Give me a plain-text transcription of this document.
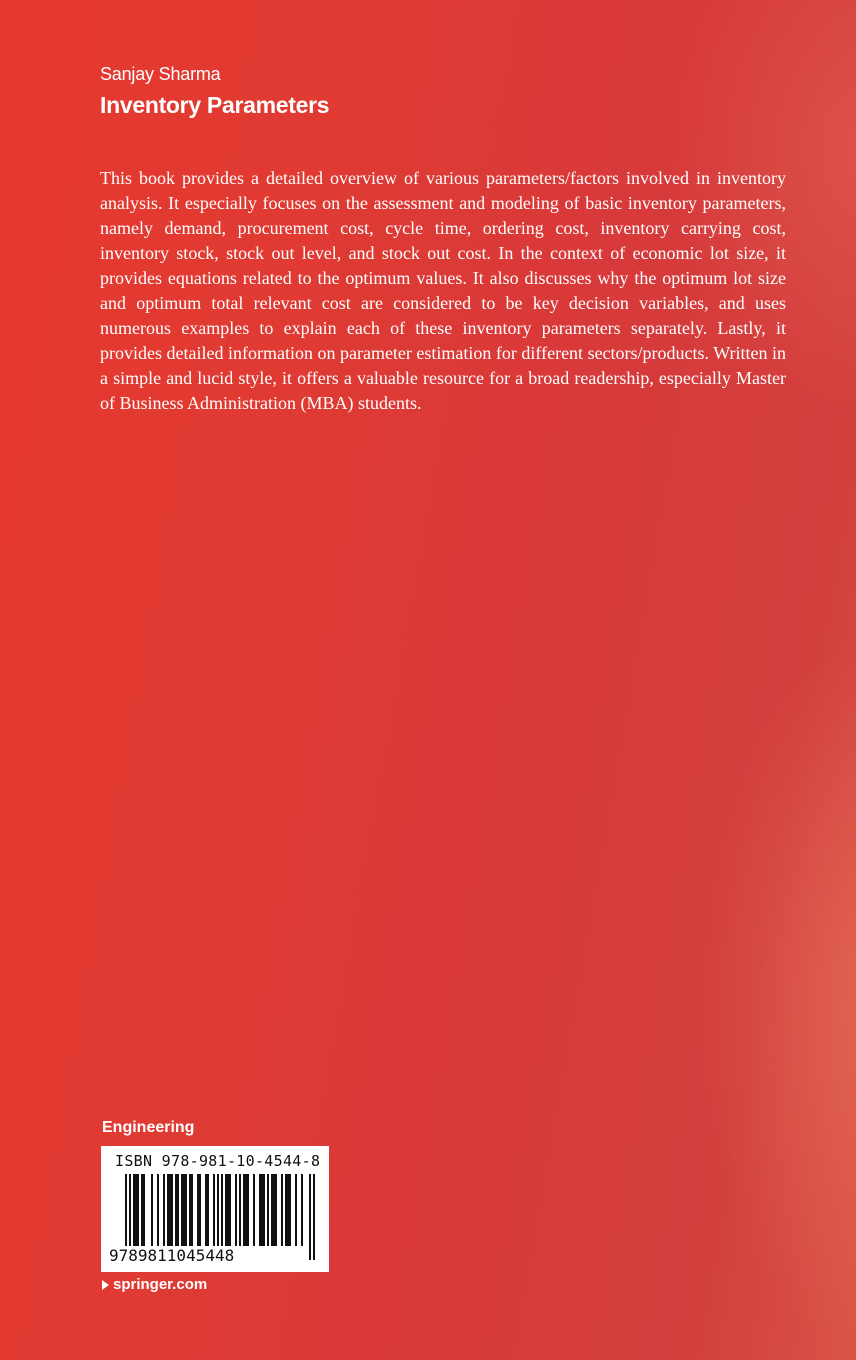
Sanjay Sharma
Inventory Parameters

This book provides a detailed overview of various parameters/factors involved in inventory analysis. It especially focuses on the assessment and modeling of basic inventory parameters, namely demand, procurement cost, cycle time, ordering cost, inventory carrying cost, inventory stock, stock out level, and stock out cost. In the context of economic lot size, it provides equations related to the optimum values. It also discusses why the optimum lot size and optimum total relevant cost are considered to be key decision variables, and uses numerous examples to explain each of these inventory parameters separately. Lastly, it provides detailed information on parameter estimation for different sectors/products. Written in a simple and lucid style, it offers a valuable resource for a broad readership, especially Master of Business Administration (MBA) students.

Engineering
ISBN 978-981-10-4544-8
9789811045448
springer.com
